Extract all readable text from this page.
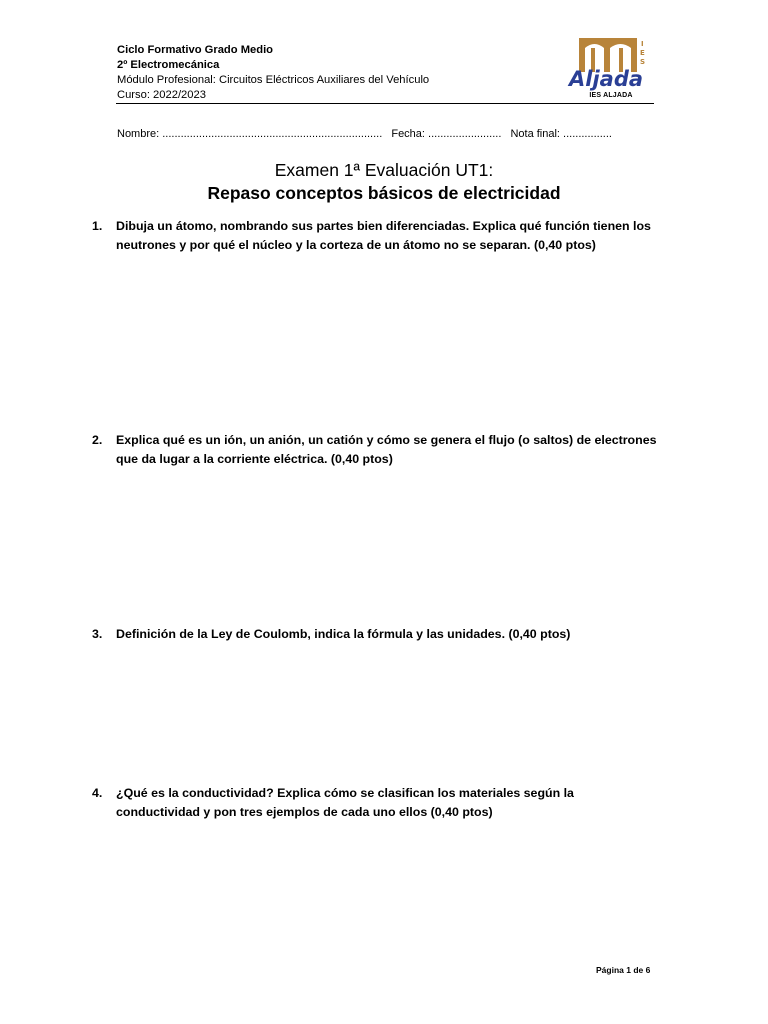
Ciclo Formativo Grado Medio
2º Electromecánica
Módulo Profesional: Circuitos Eléctricos Auxiliares del Vehículo
Curso: 2022/2023
I
E
S
Aljada
IES ALJADA
Nombre: ........................................................................ Fecha: ........................ Nota final: ................
Examen 1ª Evaluación UT1:
Repaso conceptos básicos de electricidad
1.	Dibuja un átomo, nombrando sus partes bien diferenciadas. Explica qué función tienen los neutrones y por qué el núcleo y la corteza de un átomo no se separan. (0,40 ptos)
2.	Explica qué es un ión, un anión, un catión y cómo se genera el flujo (o saltos) de electrones que da lugar a la corriente eléctrica. (0,40 ptos)
3.	Definición de la Ley de Coulomb, indica la fórmula y las unidades. (0,40 ptos)
4.	¿Qué es la conductividad? Explica cómo se clasifican los materiales según la conductividad y pon tres ejemplos de cada uno ellos (0,40 ptos)
Página 1 de 6
